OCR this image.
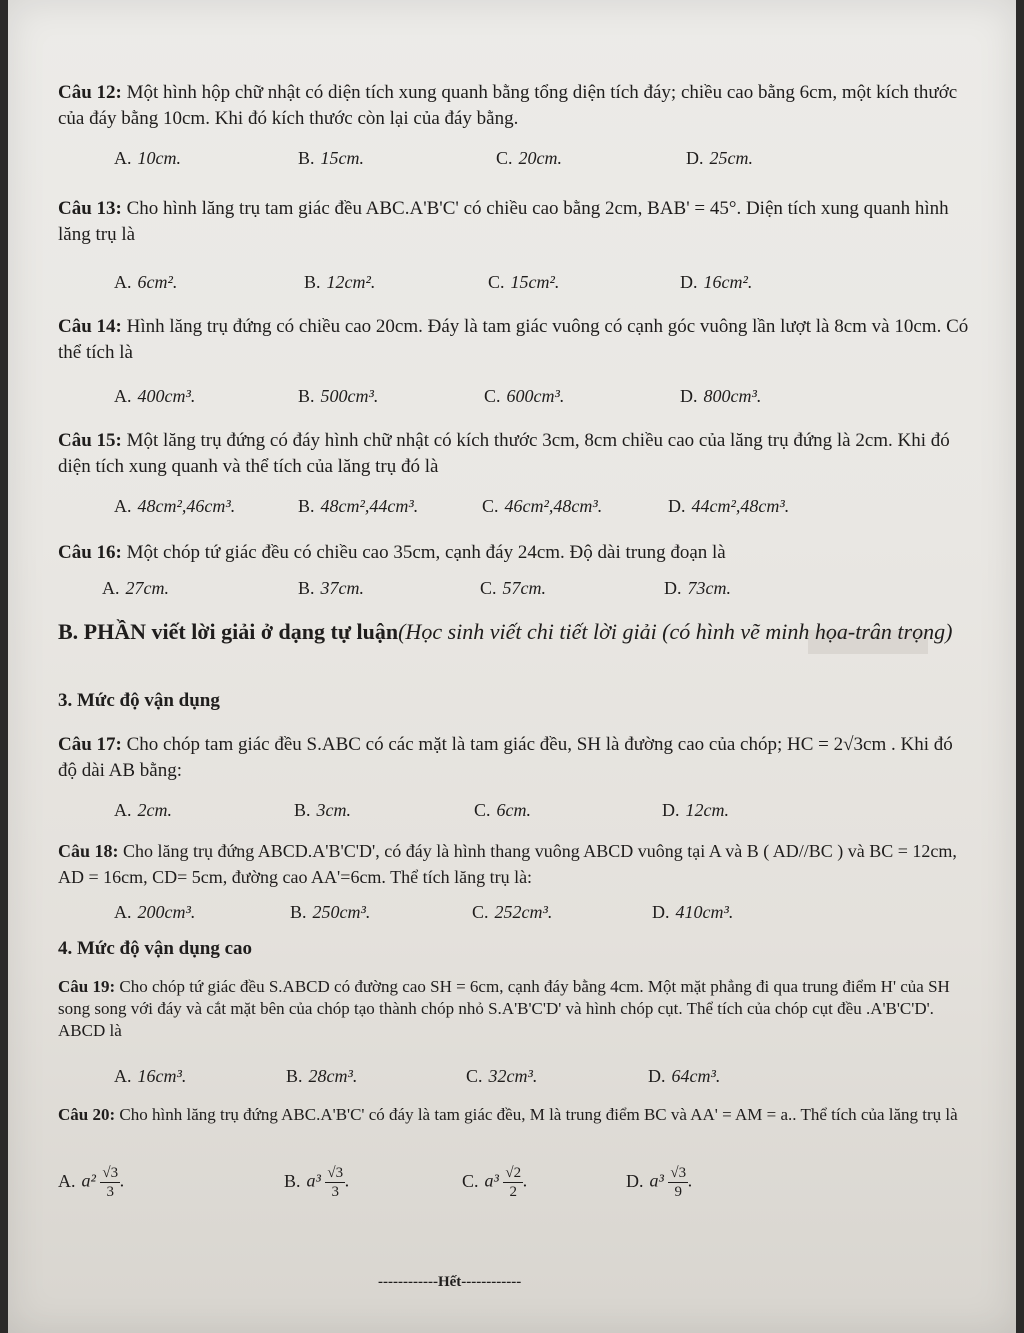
Câu 12: Một hình hộp chữ nhật có diện tích xung quanh bằng tổng diện tích đáy; chiều cao bằng 6cm, một kích thước của đáy bằng 10cm. Khi đó kích thước còn lại của đáy bằng.

A. 10cm.	B. 15cm.	C. 20cm.	D. 25cm.

Câu 13: Cho hình lăng trụ tam giác đều ABC.A'B'C' có chiều cao bằng 2cm, BAB' = 45°. Diện tích xung quanh hình lăng trụ là

A. 6cm².	B. 12cm².	C. 15cm².	D. 16cm².

Câu 14: Hình lăng trụ đứng có chiều cao 20cm. Đáy là tam giác vuông có cạnh góc vuông lần lượt là 8cm và 10cm. Có thể tích là

A. 400cm³.	B. 500cm³.	C. 600cm³.	D. 800cm³.

Câu 15: Một lăng trụ đứng có đáy hình chữ nhật có kích thước 3cm, 8cm chiều cao của lăng trụ đứng là 2cm. Khi đó diện tích xung quanh và thể tích của lăng trụ đó là

A. 48cm²,46cm³.	B. 48cm²,44cm³.	C. 46cm²,48cm³.	D. 44cm²,48cm³.

Câu 16: Một chóp tứ giác đều có chiều cao 35cm, cạnh đáy 24cm. Độ dài trung đoạn là

A. 27cm.	B. 37cm.	C. 57cm.	D. 73cm.

B. PHẦN viết lời giải ở dạng tự luận(Học sinh viết chi tiết lời giải (có hình vẽ minh họa-trân trọng)

3. Mức độ vận dụng

Câu 17: Cho chóp tam giác đều S.ABC có các mặt là tam giác đều, SH là đường cao của chóp; HC = 2√3cm . Khi đó độ dài AB bằng:

A. 2cm.	B. 3cm.	C. 6cm.	D. 12cm.

Câu 18: Cho lăng trụ đứng ABCD.A'B'C'D', có đáy là hình thang vuông ABCD vuông tại A và B ( AD//BC ) và BC = 12cm, AD = 16cm, CD= 5cm, đường cao AA'=6cm. Thể tích lăng trụ là:

A. 200cm³.	B. 250cm³.	C. 252cm³.	D. 410cm³.

4. Mức độ vận dụng cao

Câu 19: Cho chóp tứ giác đều S.ABCD có đường cao SH = 6cm, cạnh đáy bằng 4cm. Một mặt phẳng đi qua trung điểm H' của SH song song với đáy và cắt mặt bên của chóp tạo thành chóp nhỏ S.A'B'C'D' và hình chóp cụt. Thể tích của chóp cụt đều .A'B'C'D'. ABCD là

A. 16cm³.	B. 28cm³.	C. 32cm³.	D. 64cm³.

Câu 20: Cho hình lăng trụ đứng ABC.A'B'C' có đáy là tam giác đều, M là trung điểm BC và AA' = AM = a.. Thể tích của lăng trụ là

A. $a^2 \frac{√3}{3}$ .	B. $a^3 \frac{√3}{3}$ .	C. $a^3 \frac{√2}{2}$ .	D. $a^3 \frac{√3}{9}$ .
------------Hết------------
